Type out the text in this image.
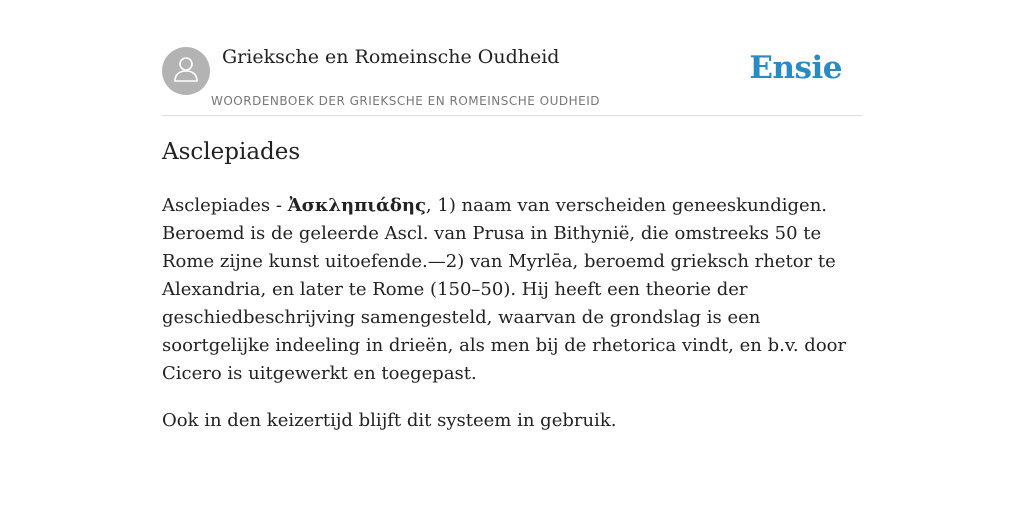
Grieksche en Romeinsche Oudheid
WOORDENBOEK DER GRIEKSCHE EN ROMEINSCHE OUDHEID
Ensie
Asclepiades

Asclepiades - Ἀσκληπιάδης, 1) naam van verscheiden geneeskundigen. Beroemd is de geleerde Ascl. van Prusa in Bithynië, die omstreeks 50 te Rome zijne kunst uitoefende.—2) van Myrlēa, beroemd grieksch rhetor te Alexandria, en later te Rome (150–50). Hij heeft een theorie der geschiedbeschrijving samengesteld, waarvan de grondslag is een soortgelijke indeeling in drieën, als men bij de rhetorica vindt, en b.v. door Cicero is uitgewerkt en toegepast.

Ook in den keizertijd blijft dit systeem in gebruik.
